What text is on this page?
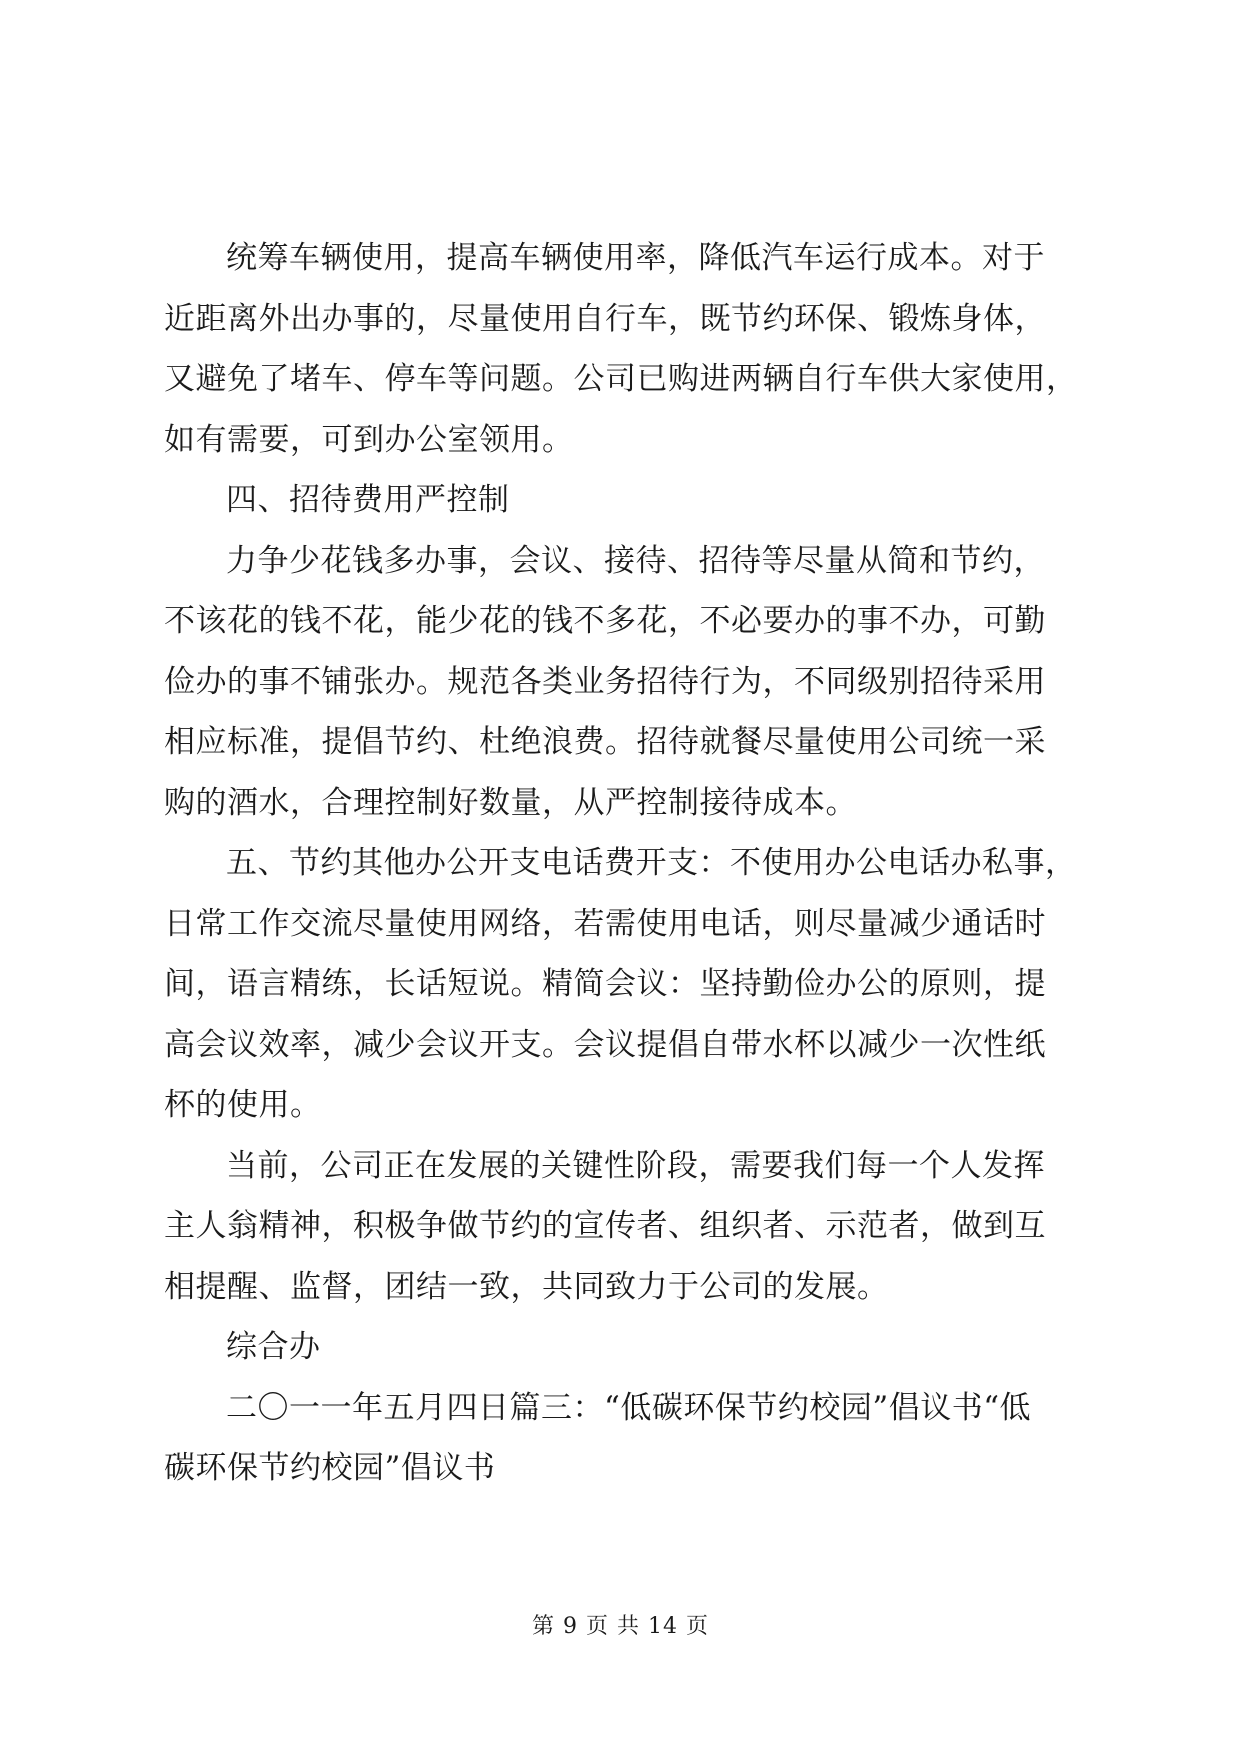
统筹车辆使用，提高车辆使用率，降低汽车运行成本。对于
近距离外出办事的，尽量使用自行车，既节约环保、锻炼身体，
又避免了堵车、停车等问题。公司已购进两辆自行车供大家使用，
如有需要，可到办公室领用。
四、招待费用严控制
力争少花钱多办事，会议、接待、招待等尽量从简和节约，
不该花的钱不花，能少花的钱不多花，不必要办的事不办，可勤
俭办的事不铺张办。规范各类业务招待行为，不同级别招待采用
相应标准，提倡节约、杜绝浪费。招待就餐尽量使用公司统一采
购的酒水，合理控制好数量，从严控制接待成本。
五、节约其他办公开支电话费开支：不使用办公电话办私事，
日常工作交流尽量使用网络，若需使用电话，则尽量减少通话时
间，语言精练，长话短说。精简会议：坚持勤俭办公的原则，提
高会议效率，减少会议开支。会议提倡自带水杯以减少一次性纸
杯的使用。
当前，公司正在发展的关键性阶段，需要我们每一个人发挥
主人翁精神，积极争做节约的宣传者、组织者、示范者，做到互
相提醒、监督，团结一致，共同致力于公司的发展。
综合办
二〇一一年五月四日篇三：“低碳环保节约校园”倡议书“低
碳环保节约校园”倡议书
第 9 页 共 14 页
